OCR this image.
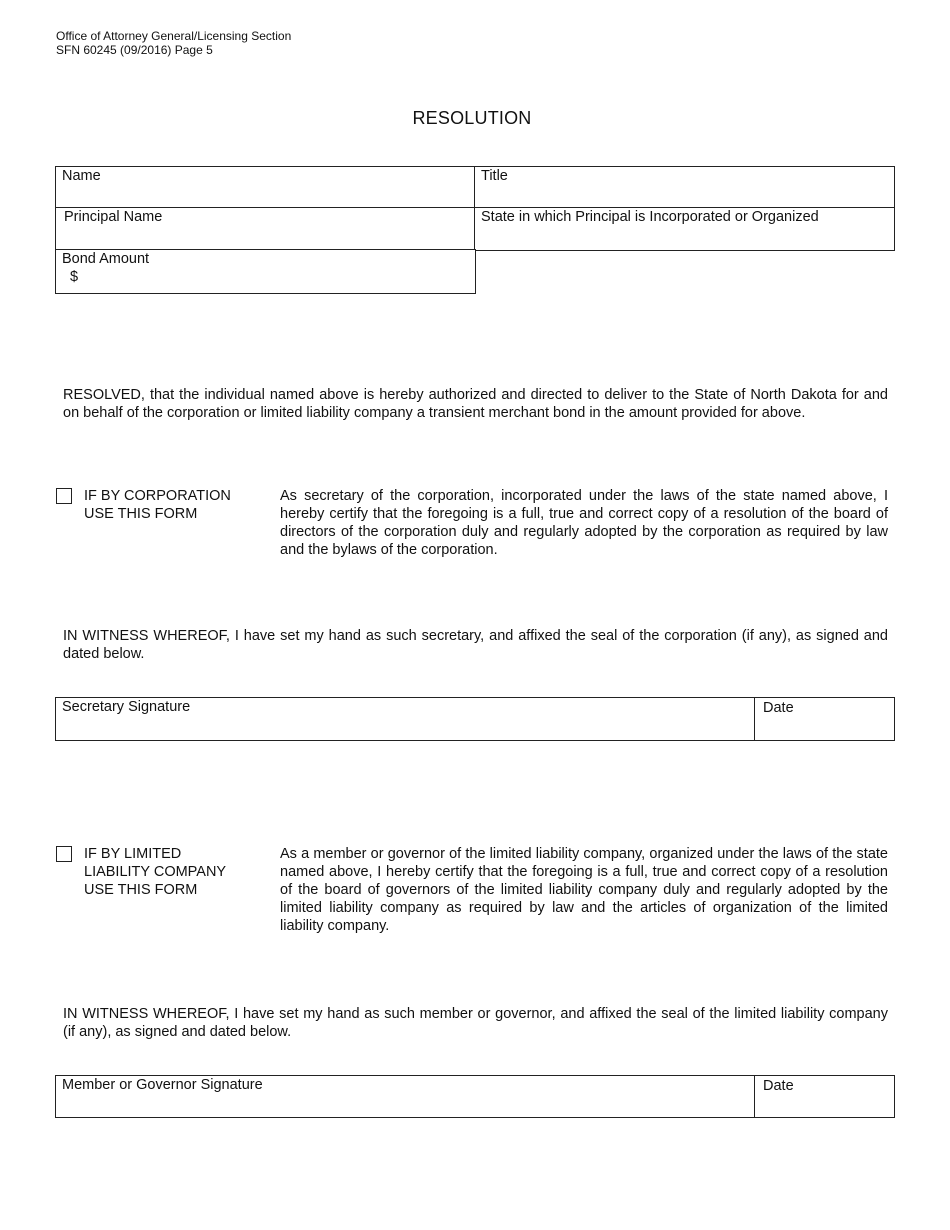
Office of Attorney General/Licensing Section
SFN 60245 (09/2016) Page 5
RESOLUTION
Name	Title
Principal Name	State in which Principal is Incorporated or Organized
Bond Amount
$
RESOLVED, that the individual named above is hereby authorized and directed to deliver to the State of North Dakota for and on behalf of the corporation or limited liability company a transient merchant bond in the amount provided for above.
IF BY CORPORATION
USE THIS FORM
As secretary of the corporation, incorporated under the laws of the state named above, I hereby certify that the foregoing is a full, true and correct copy of a resolution of the board of directors of the corporation duly and regularly adopted by the corporation as required by law and the bylaws of the corporation.
IN WITNESS WHEREOF, I have set my hand as such secretary, and affixed the seal of the corporation (if any), as signed and dated below.
Secretary Signature	Date
IF BY LIMITED
LIABILITY COMPANY
USE THIS FORM
As a member or governor of the limited liability company, organized under the laws of the state named above, I hereby certify that the foregoing is a full, true and correct copy of a resolution of the board of governors of the limited liability company duly and regularly adopted by the limited liability company as required by law and the articles of organization of the limited liability company.
IN WITNESS WHEREOF, I have set my hand as such member or governor, and affixed the seal of the limited liability company (if any), as signed and dated below.
Member or Governor Signature	Date
